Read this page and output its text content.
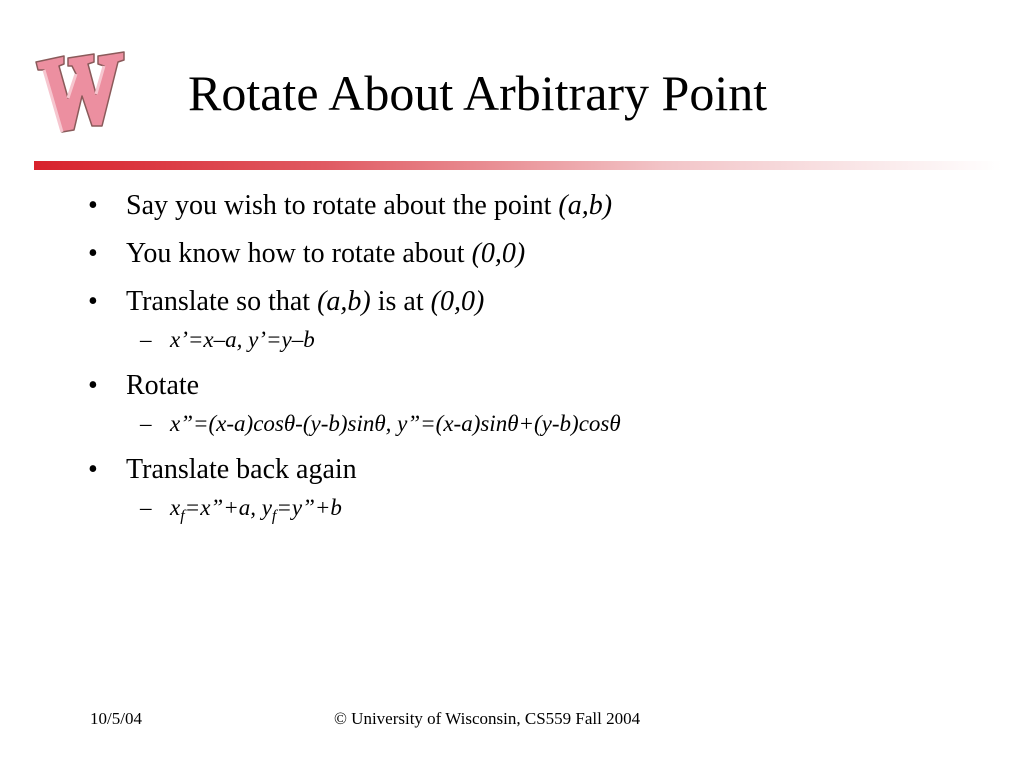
Rotate About Arbitrary Point
• Say you wish to rotate about the point (a,b)
• You know how to rotate about (0,0)
• Translate so that (a,b) is at (0,0)
– x’=x–a, y’=y–b
• Rotate
– x”=(x-a)cosθ-(y-b)sinθ, y”=(x-a)sinθ+(y-b)cosθ
• Translate back again
– $x_f=x”+a$, $y_f=y”+b$
10/5/04	© University of Wisconsin, CS559 Fall 2004
